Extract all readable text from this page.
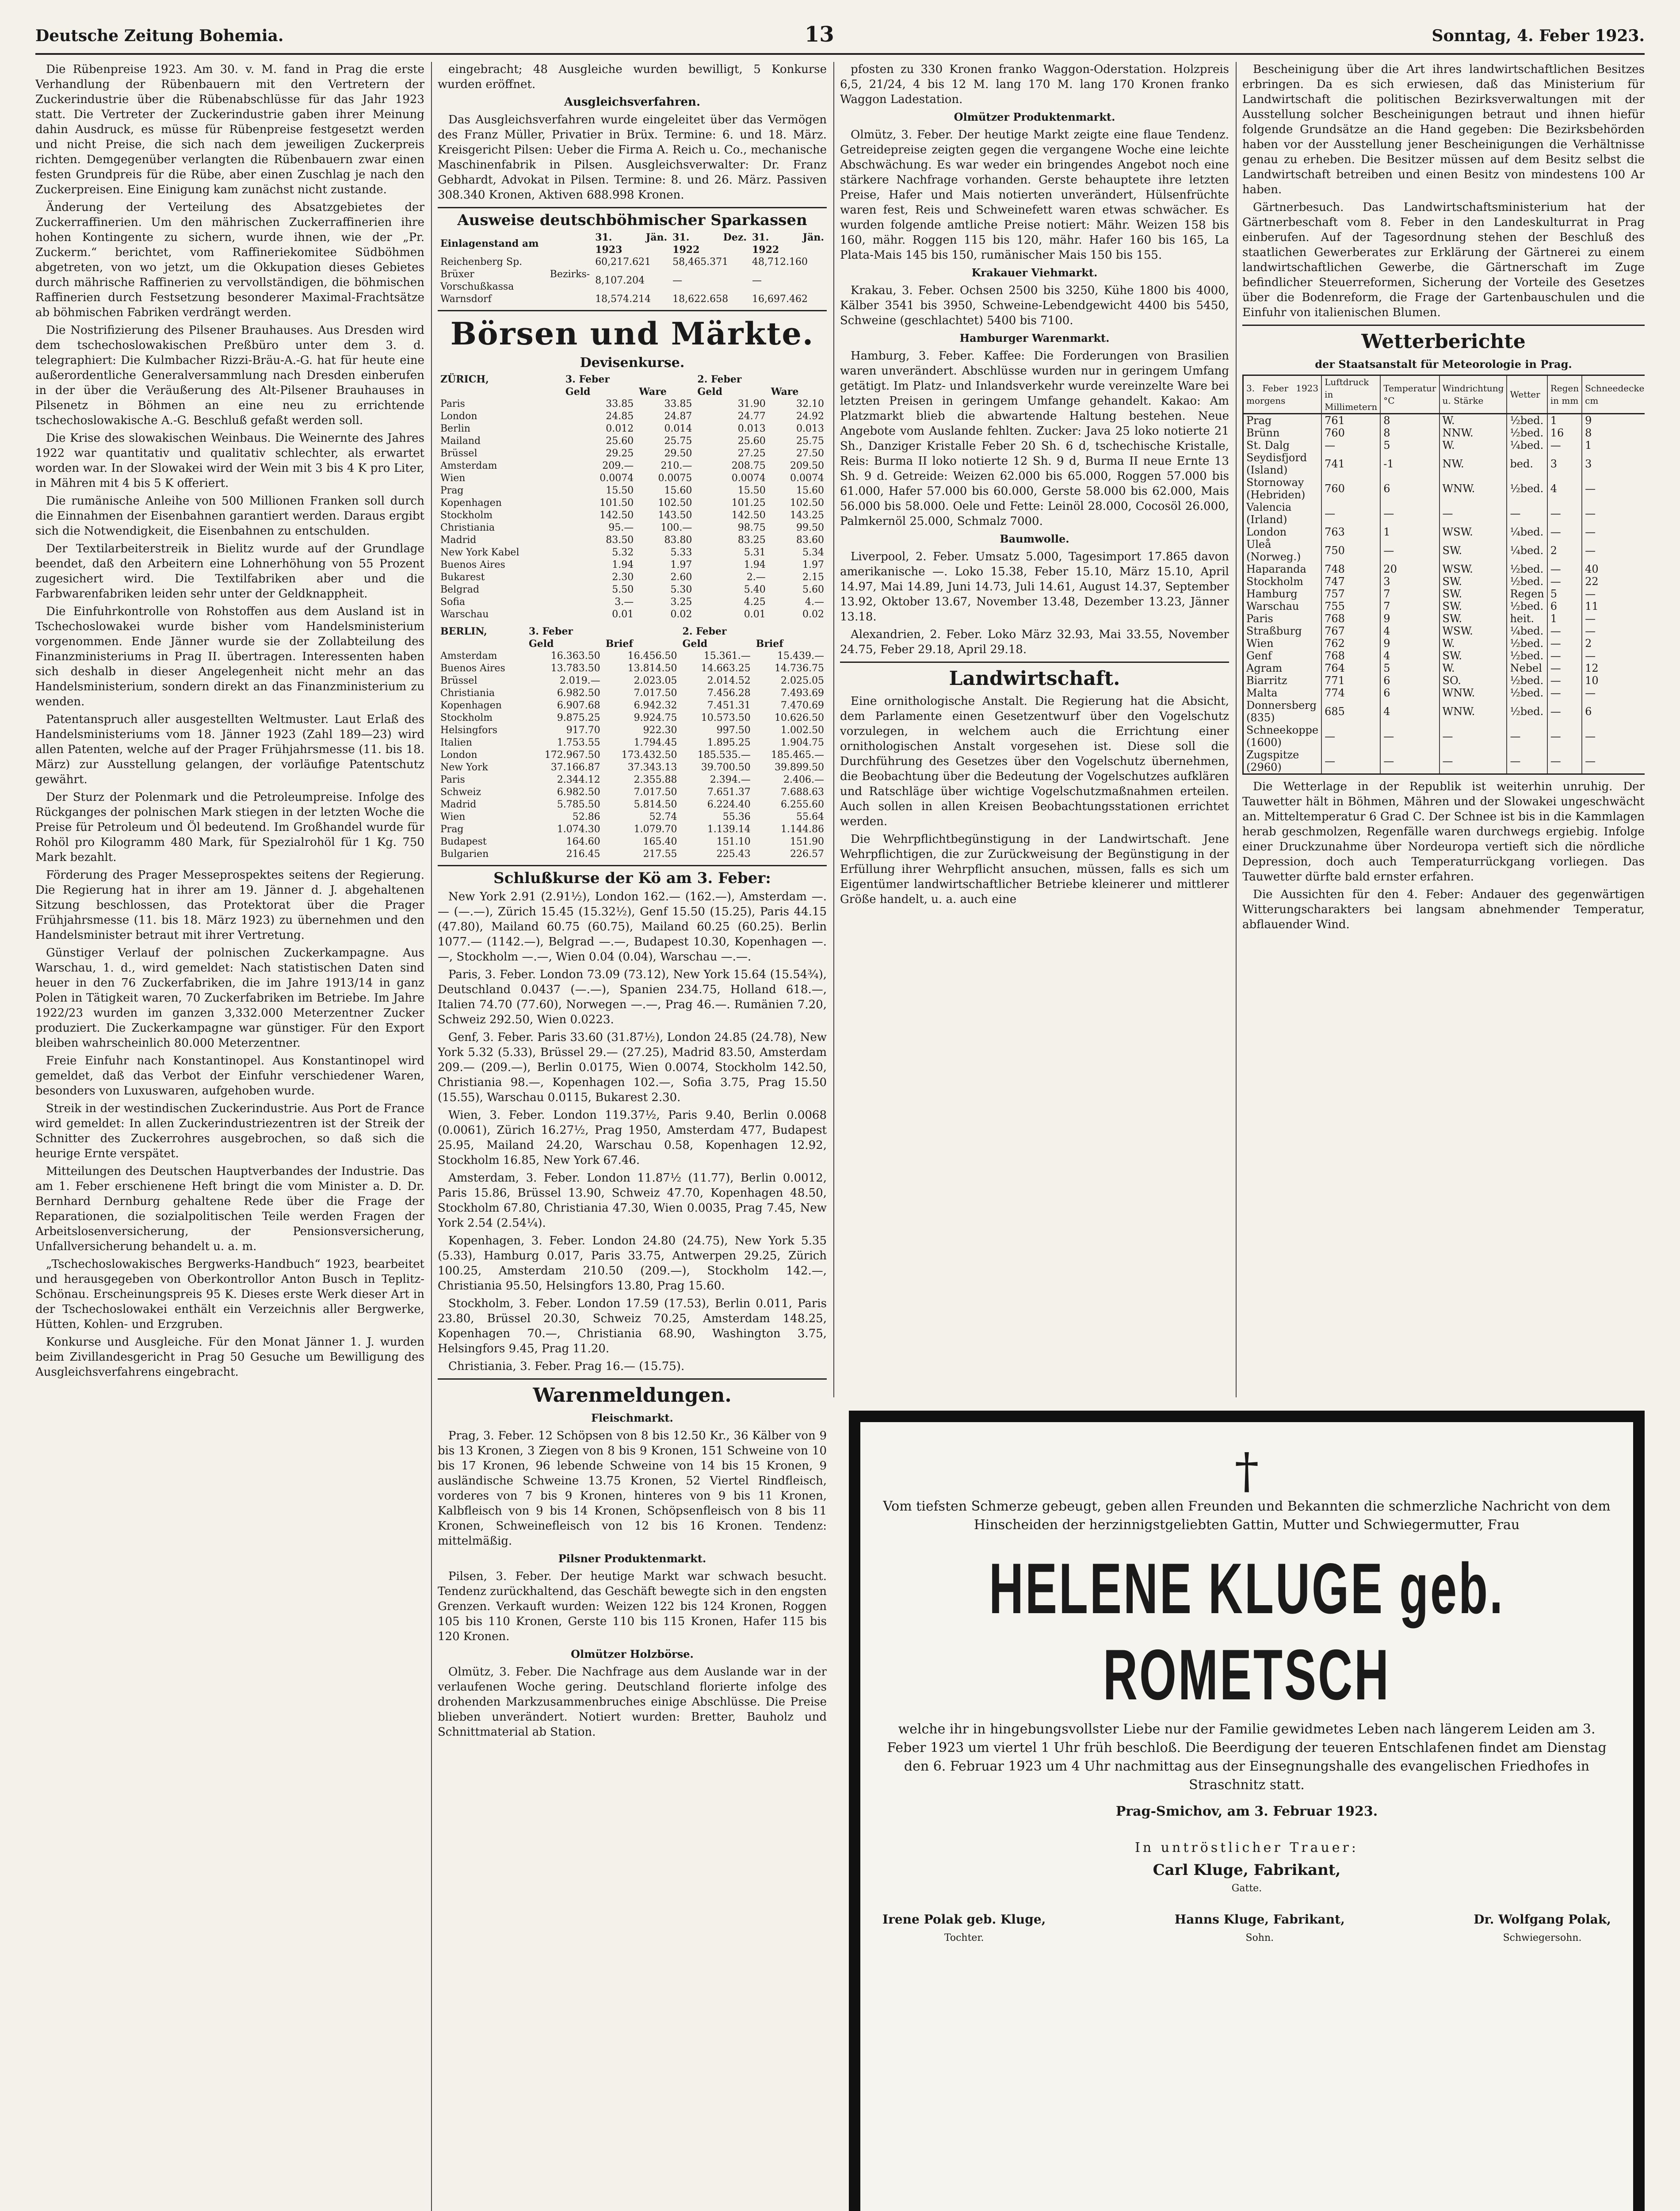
Deutsche Zeitung Bohemia.	13	Sonntag, 4. Feber 1923.

Die Rübenpreise 1923. Am 30. v. M. fand in Prag die erste Verhandlung der Rübenbauern mit den Vertretern der Zuckerindustrie über die Rübenabschlüsse für das Jahr 1923 statt. Die Vertreter der Zuckerindustrie gaben ihrer Meinung dahin Ausdruck, es müsse für Rübenpreise festgesetzt werden und nicht Preise, die sich nach dem jeweiligen Zuckerpreis richten. Demgegenüber verlangten die Rübenbauern zwar einen festen Grundpreis für die Rübe, aber einen Zuschlag je nach den Zuckerpreisen. Eine Einigung kam zunächst nicht zustande.

Änderung der Verteilung des Absatzgebietes der Zuckerraffinerien. Um den mährischen Zuckerraffinerien ihre hohen Kontingente zu sichern, wurde ihnen, wie der „Pr. Zuckerm.“ berichtet, vom Raffineriekomitee Südböhmen abgetreten, von wo jetzt, um die Okkupation dieses Gebietes durch mährische Raffinerien zu vervollständigen, die böhmischen Raffinerien durch Festsetzung besonderer Maximal-Frachtsätze ab böhmischen Fabriken verdrängt werden.

Die Nostrifizierung des Pilsener Brauhauses. Aus Dresden wird dem tschechoslowakischen Preßbüro unter dem 3. d. telegraphiert: Die Kulmbacher Rizzi-Bräu-A.-G. hat für heute eine außerordentliche Generalversammlung nach Dresden einberufen in der über die Veräußerung des Alt-Pilsener Brauhauses in Pilsenetz in Böhmen an eine neu zu errichtende tschechoslowakische A.-G. Beschluß gefaßt werden soll.

Die Krise des slowakischen Weinbaus. Die Weinernte des Jahres 1922 war quantitativ und qualitativ schlechter, als erwartet worden war. In der Slowakei wird der Wein mit 3 bis 4 K pro Liter, in Mähren mit 4 bis 5 K offeriert.

Die rumänische Anleihe von 500 Millionen Franken soll durch die Einnahmen der Eisenbahnen garantiert werden. Daraus ergibt sich die Notwendigkeit, die Eisenbahnen zu entschulden.

Der Textilarbeiterstreik in Bielitz wurde auf der Grundlage beendet, daß den Arbeitern eine Lohnerhöhung von 55 Prozent zugesichert wird. Die Textilfabriken aber und die Farbwarenfabriken leiden sehr unter der Geldknappheit.

Die Einfuhrkontrolle von Rohstoffen aus dem Ausland ist in Tschechoslowakei wurde bisher vom Handelsministerium vorgenommen. Ende Jänner wurde sie der Zollabteilung des Finanzministeriums in Prag II. übertragen. Interessenten haben sich deshalb in dieser Angelegenheit nicht mehr an das Handelsministerium, sondern direkt an das Finanzministerium zu wenden.

Patentanspruch aller ausgestellten Weltmuster. Laut Erlaß des Handelsministeriums vom 18. Jänner 1923 (Zahl 189—23) wird allen Patenten, welche auf der Prager Frühjahrsmesse (11. bis 18. März) zur Ausstellung gelangen, der vorläufige Patentschutz gewährt.

Der Sturz der Polenmark und die Petroleumpreise. Infolge des Rückganges der polnischen Mark stiegen in der letzten Woche die Preise für Petroleum und Öl bedeutend. Im Großhandel wurde für Rohöl pro Kilogramm 480 Mark, für Spezialrohöl für 1 Kg. 750 Mark bezahlt.

Förderung des Prager Messeprospektes seitens der Regierung. Die Regierung hat in ihrer am 19. Jänner d. J. abgehaltenen Sitzung beschlossen, das Protektorat über die Prager Frühjahrsmesse (11. bis 18. März 1923) zu übernehmen und den Handelsminister betraut mit ihrer Vertretung.

Günstiger Verlauf der polnischen Zuckerkampagne. Aus Warschau, 1. d., wird gemeldet: Nach statistischen Daten sind heuer in den 76 Zuckerfabriken, die im Jahre 1913/14 in ganz Polen in Tätigkeit waren, 70 Zuckerfabriken im Betriebe. Im Jahre 1922/23 wurden im ganzen 3,332.000 Meterzentner Zucker produziert. Die Zuckerkampagne war günstiger. Für den Export bleiben wahrscheinlich 80.000 Meterzentner.

Freie Einfuhr nach Konstantinopel. Aus Konstantinopel wird gemeldet, daß das Verbot der Einfuhr verschiedener Waren, besonders von Luxuswaren, aufgehoben wurde.

Streik in der westindischen Zuckerindustrie. Aus Port de France wird gemeldet: In allen Zuckerindustriezentren ist der Streik der Schnitter des Zuckerrohres ausgebrochen, so daß sich die heurige Ernte verspätet.

Mitteilungen des Deutschen Hauptverbandes der Industrie. Das am 1. Feber erschienene Heft bringt die vom Minister a. D. Dr. Bernhard Dernburg gehaltene Rede über die Frage der Reparationen, die sozialpolitischen Teile werden Fragen der Arbeitslosenversicherung, der Pensionsversicherung, Unfallversicherung behandelt u. a. m.

„Tschechoslowakisches Bergwerks-Handbuch“ 1923, bearbeitet und herausgegeben von Oberkontrollor Anton Busch in Teplitz-Schönau. Erscheinungspreis 95 K. Dieses erste Werk dieser Art in der Tschechoslowakei enthält ein Verzeichnis aller Bergwerke, Hütten, Kohlen- und Erzgruben.

Konkurse und Ausgleiche. Für den Monat Jänner 1. J. wurden beim Zivillandesgericht in Prag 50 Gesuche um Bewilligung des Ausgleichsverfahrens eingebracht.

eingebracht; 48 Ausgleiche wurden bewilligt, 5 Konkurse wurden eröffnet.

Ausgleichsverfahren.

Das Ausgleichsverfahren wurde eingeleitet über das Vermögen des Franz Müller, Privatier in Brüx. Termine: 6. und 18. März. Kreisgericht Pilsen: Ueber die Firma A. Reich u. Co., mechanische Maschinenfabrik in Pilsen. Ausgleichsverwalter: Dr. Franz Gebhardt, Advokat in Pilsen. Termine: 8. und 26. März. Passiven 308.340 Kronen, Aktiven 688.998 Kronen.

Ausweise deutschböhmischer Sparkassen
Einlagenstand am	31. Jän. 1923	31. Dez. 1922	31. Jän. 1922
Reichenberg Sp.	60,217.621	58,465.371	48,712.160
Brüxer Bezirks-Vorschußkassa	8,107.204	—	—
Warnsdorf	18,574.214	18,622.658	16,697.462
Börsen und Märkte.
Devisenkurse.
ZÜRICH,	3. Feber		2. Feber	
	Geld	Ware	Geld	Ware
Paris	33.85	33.85	31.90	32.10
London	24.85	24.87	24.77	24.92
Berlin	0.012	0.014	0.013	0.013
Mailand	25.60	25.75	25.60	25.75
Brüssel	29.25	29.50	27.25	27.50
Amsterdam	209.—	210.—	208.75	209.50
Wien	0.0074	0.0075	0.0074	0.0074
Prag	15.50	15.60	15.50	15.60
Kopenhagen	101.50	102.50	101.25	102.50
Stockholm	142.50	143.50	142.50	143.25
Christiania	95.—	100.—	98.75	99.50
Madrid	83.50	83.80	83.25	83.60
New York Kabel	5.32	5.33	5.31	5.34
Buenos Aires	1.94	1.97	1.94	1.97
Bukarest	2.30	2.60	2.—	2.15
Belgrad	5.50	5.30	5.40	5.60
Sofia	3.—	3.25	4.25	4.—
Warschau	0.01	0.02	0.01	0.02
BERLIN,	3. Feber		2. Feber	
	Geld	Brief	Geld	Brief
Amsterdam	16.363.50	16.456.50	15.361.—	15.439.—
Buenos Aires	13.783.50	13.814.50	14.663.25	14.736.75
Brüssel	2.019.—	2.023.05	2.014.52	2.025.05
Christiania	6.982.50	7.017.50	7.456.28	7.493.69
Kopenhagen	6.907.68	6.942.32	7.451.31	7.470.69
Stockholm	9.875.25	9.924.75	10.573.50	10.626.50
Helsingfors	917.70	922.30	997.50	1.002.50
Italien	1.753.55	1.794.45	1.895.25	1.904.75
London	172.967.50	173.432.50	185.535.—	185.465.—
New York	37.166.87	37.343.13	39.700.50	39.899.50
Paris	2.344.12	2.355.88	2.394.—	2.406.—
Schweiz	6.982.50	7.017.50	7.651.37	7.688.63
Madrid	5.785.50	5.814.50	6.224.40	6.255.60
Wien	52.86	52.74	55.36	55.64
Prag	1.074.30	1.079.70	1.139.14	1.144.86
Budapest	164.60	165.40	151.10	151.90
Bulgarien	216.45	217.55	225.43	226.57
Schlußkurse der Kö am 3. Feber:

New York 2.91 (2.91½), London 162.— (162.—), Amsterdam —.— (—.—), Zürich 15.45 (15.32½), Genf 15.50 (15.25), Paris 44.15 (47.80), Mailand 60.75 (60.75), Mailand 60.25 (60.25). Berlin 1077.— (1142.—), Belgrad —.—, Budapest 10.30, Kopenhagen —.—, Stockholm —.—, Wien 0.04 (0.04), Warschau —.—.

Paris, 3. Feber. London 73.09 (73.12), New York 15.64 (15.54¾), Deutschland 0.0437 (—.—), Spanien 234.75, Holland 618.—, Italien 74.70 (77.60), Norwegen —.—, Prag 46.—. Rumänien 7.20, Schweiz 292.50, Wien 0.0223.

Genf, 3. Feber. Paris 33.60 (31.87½), London 24.85 (24.78), New York 5.32 (5.33), Brüssel 29.— (27.25), Madrid 83.50, Amsterdam 209.— (209.—), Berlin 0.0175, Wien 0.0074, Stockholm 142.50, Christiania 98.—, Kopenhagen 102.—, Sofia 3.75, Prag 15.50 (15.55), Warschau 0.0115, Bukarest 2.30.

Wien, 3. Feber. London 119.37½, Paris 9.40, Berlin 0.0068 (0.0061), Zürich 16.27½, Prag 1950, Amsterdam 477, Budapest 25.95, Mailand 24.20, Warschau 0.58, Kopenhagen 12.92, Stockholm 16.85, New York 67.46.

Amsterdam, 3. Feber. London 11.87½ (11.77), Berlin 0.0012, Paris 15.86, Brüssel 13.90, Schweiz 47.70, Kopenhagen 48.50, Stockholm 67.80, Christiania 47.30, Wien 0.0035, Prag 7.45, New York 2.54 (2.54¼).

Kopenhagen, 3. Feber. London 24.80 (24.75), New York 5.35 (5.33), Hamburg 0.017, Paris 33.75, Antwerpen 29.25, Zürich 100.25, Amsterdam 210.50 (209.—), Stockholm 142.—, Christiania 95.50, Helsingfors 13.80, Prag 15.60.

Stockholm, 3. Feber. London 17.59 (17.53), Berlin 0.011, Paris 23.80, Brüssel 20.30, Schweiz 70.25, Amsterdam 148.25, Kopenhagen 70.—, Christiania 68.90, Washington 3.75, Helsingfors 9.45, Prag 11.20.

Christiania, 3. Feber. Prag 16.— (15.75).

Warenmeldungen.
Fleischmarkt.

Prag, 3. Feber. 12 Schöpsen von 8 bis 12.50 Kr., 36 Kälber von 9 bis 13 Kronen, 3 Ziegen von 8 bis 9 Kronen, 151 Schweine von 10 bis 17 Kronen, 96 lebende Schweine von 14 bis 15 Kronen, 9 ausländische Schweine 13.75 Kronen, 52 Viertel Rindfleisch, vorderes von 7 bis 9 Kronen, hinteres von 9 bis 11 Kronen, Kalbfleisch von 9 bis 14 Kronen, Schöpsenfleisch von 8 bis 11 Kronen, Schweinefleisch von 12 bis 16 Kronen. Tendenz: mittelmäßig.

Pilsner Produktenmarkt.

Pilsen, 3. Feber. Der heutige Markt war schwach besucht. Tendenz zurückhaltend, das Geschäft bewegte sich in den engsten Grenzen. Verkauft wurden: Weizen 122 bis 124 Kronen, Roggen 105 bis 110 Kronen, Gerste 110 bis 115 Kronen, Hafer 115 bis 120 Kronen.

Olmützer Holzbörse.

Olmütz, 3. Feber. Die Nachfrage aus dem Auslande war in der verlaufenen Woche gering. Deutschland florierte infolge des drohenden Markzusammenbruches einige Abschlüsse. Die Preise blieben unverändert. Notiert wurden: Bretter, Bauholz und Schnittmaterial ab Station.

pfosten zu 330 Kronen franko Waggon-Oderstation. Holzpreis 6,5, 21/24, 4 bis 12 M. lang 170 M. lang 170 Kronen franko Waggon Ladestation.

Olmützer Produktenmarkt.

Olmütz, 3. Feber. Der heutige Markt zeigte eine flaue Tendenz. Getreidepreise zeigten gegen die vergangene Woche eine leichte Abschwächung. Es war weder ein bringendes Angebot noch eine stärkere Nachfrage vorhanden. Gerste behauptete ihre letzten Preise, Hafer und Mais notierten unverändert, Hülsenfrüchte waren fest, Reis und Schweinefett waren etwas schwächer. Es wurden folgende amtliche Preise notiert: Mähr. Weizen 158 bis 160, mähr. Roggen 115 bis 120, mähr. Hafer 160 bis 165, La Plata-Mais 145 bis 150, rumänischer Mais 150 bis 155.

Krakauer Viehmarkt.

Krakau, 3. Feber. Ochsen 2500 bis 3250, Kühe 1800 bis 4000, Kälber 3541 bis 3950, Schweine-Lebendgewicht 4400 bis 5450, Schweine (geschlachtet) 5400 bis 7100.

Hamburger Warenmarkt.

Hamburg, 3. Feber. Kaffee: Die Forderungen von Brasilien waren unverändert. Abschlüsse wurden nur in geringem Umfang getätigt. Im Platz- und Inlandsverkehr wurde vereinzelte Ware bei letzten Preisen in geringem Umfange gehandelt. Kakao: Am Platzmarkt blieb die abwartende Haltung bestehen. Neue Angebote vom Auslande fehlten. Zucker: Java 25 loko notierte 21 Sh., Danziger Kristalle Feber 20 Sh. 6 d, tschechische Kristalle, Reis: Burma II loko notierte 12 Sh. 9 d, Burma II neue Ernte 13 Sh. 9 d. Getreide: Weizen 62.000 bis 65.000, Roggen 57.000 bis 61.000, Hafer 57.000 bis 60.000, Gerste 58.000 bis 62.000, Mais 56.000 bis 58.000. Oele und Fette: Leinöl 28.000, Cocosöl 26.000, Palmkernöl 25.000, Schmalz 7000.

Baumwolle.

Liverpool, 2. Feber. Umsatz 5.000, Tagesimport 17.865 davon amerikanische —. Loko 15.38, Feber 15.10, März 15.10, April 14.97, Mai 14.89, Juni 14.73, Juli 14.61, August 14.37, September 13.92, Oktober 13.67, November 13.48, Dezember 13.23, Jänner 13.18.

Alexandrien, 2. Feber. Loko März 32.93, Mai 33.55, November 24.75, Feber 29.18, April 29.18.

Landwirtschaft.

Eine ornithologische Anstalt. Die Regierung hat die Absicht, dem Parlamente einen Gesetzentwurf über den Vogelschutz vorzulegen, in welchem auch die Errichtung einer ornithologischen Anstalt vorgesehen ist. Diese soll die Durchführung des Gesetzes über den Vogelschutz übernehmen, die Beobachtung über die Bedeutung der Vogelschutzes aufklären und Ratschläge über wichtige Vogelschutzmaßnahmen erteilen. Auch sollen in allen Kreisen Beobachtungsstationen errichtet werden.

Die Wehrpflichtbegünstigung in der Landwirtschaft. Jene Wehrpflichtigen, die zur Zurückweisung der Begünstigung in der Erfüllung ihrer Wehrpflicht ansuchen, müssen, falls es sich um Eigentümer landwirtschaftlicher Betriebe kleinerer und mittlerer Größe handelt, u. a. auch eine

Bescheinigung über die Art ihres landwirtschaftlichen Besitzes erbringen. Da es sich erwiesen, daß das Ministerium für Landwirtschaft die politischen Bezirksverwaltungen mit der Ausstellung solcher Bescheinigungen betraut und ihnen hiefür folgende Grundsätze an die Hand gegeben: Die Bezirksbehörden haben vor der Ausstellung jener Bescheinigungen die Verhältnisse genau zu erheben. Die Besitzer müssen auf dem Besitz selbst die Landwirtschaft betreiben und einen Besitz von mindestens 100 Ar haben.

Gärtnerbesuch. Das Landwirtschaftsministerium hat der Gärtnerbeschaft vom 8. Feber in den Landeskulturrat in Prag einberufen. Auf der Tagesordnung stehen der Beschluß des staatlichen Gewerberates zur Erklärung der Gärtnerei zu einem landwirtschaftlichen Gewerbe, die Gärtnerschaft im Zuge befindlicher Steuerreformen, Sicherung der Vorteile des Gesetzes über die Bodenreform, die Frage der Gartenbauschulen und die Einfuhr von italienischen Blumen.

Wetterberichte
der Staatsanstalt für Meteorologie in Prag.
3. Feber 1923 morgens	Luftdruck in Millimetern	Temperatur °C	Windrichtung u. Stärke	Wetter	Regen in mm	Schneedecke cm
Prag	761	8	W.	½bed.	1	9
Brünn	760	8	NNW.	½bed.	16	8
St. Dalg	—	5	W.	¼bed.	—	1
Seydisfjord (Island)	741	-1	NW.	bed.	3	3
Stornoway (Hebriden)	760	6	WNW.	½bed.	4	—
Valencia (Irland)	—	—	—	—	—	—
London	763	1	WSW.	¼bed.	—	—
Uleå (Norweg.)	750	—	SW.	¼bed.	2	—
Haparanda	748	20	WSW.	½bed.	—	40
Stockholm	747	3	SW.	½bed.	—	22
Hamburg	757	7	SW.	Regen	5	—
Warschau	755	7	SW.	½bed.	6	11
Paris	768	9	SW.	heit.	1	—
Straßburg	767	4	WSW.	¼bed.	—	—
Wien	762	9	W.	½bed.	—	2
Genf	768	4	SW.	½bed.	—	—
Agram	764	5	W.	Nebel	—	12
Biarritz	771	6	SO.	½bed.	—	10
Malta	774	6	WNW.	½bed.	—	—
Donnersberg (835)	685	4	WNW.	½bed.	—	6
Schneekoppe (1600)	—	—	—	—	—	—
Zugspitze (2960)	—	—	—	—	—	—

Die Wetterlage in der Republik ist weiterhin unruhig. Der Tauwetter hält in Böhmen, Mähren und der Slowakei ungeschwächt an. Mitteltemperatur 6 Grad C. Der Schnee ist bis in die Kammlagen herab geschmolzen, Regenfälle waren durchwegs ergiebig. Infolge einer Druckzunahme über Nordeuropa vertieft sich die nördliche Depression, doch auch Temperaturrückgang vorliegen. Das Tauwetter dürfte bald ernster erfahren.

Die Aussichten für den 4. Feber: Andauer des gegenwärtigen Witterungscharakters bei langsam abnehmender Temperatur, abflauender Wind.

†
Vom tiefsten Schmerze gebeugt, geben allen Freunden und Bekannten die schmerzliche Nachricht von dem Hinscheiden der herzinnigstgeliebten Gattin, Mutter und Schwiegermutter, Frau
HELENE KLUGE geb. ROMETSCH
welche ihr in hingebungsvollster Liebe nur der Familie gewidmetes Leben nach längerem Leiden am 3. Feber 1923 um viertel 1 Uhr früh beschloß. Die Beerdigung der teueren Entschlafenen findet am Dienstag den 6. Februar 1923 um 4 Uhr nachmittag aus der Einsegnungshalle des evangelischen Friedhofes in Straschnitz statt.
Prag-Smichov, am 3. Februar 1923.
In untröstlicher Trauer:
Carl Kluge, Fabrikant,
Gatte.
Irene Polak geb. Kluge,
Tochter.
Hanns Kluge, Fabrikant,
Sohn.
Dr. Wolfgang Polak,
Schwiegersohn.
